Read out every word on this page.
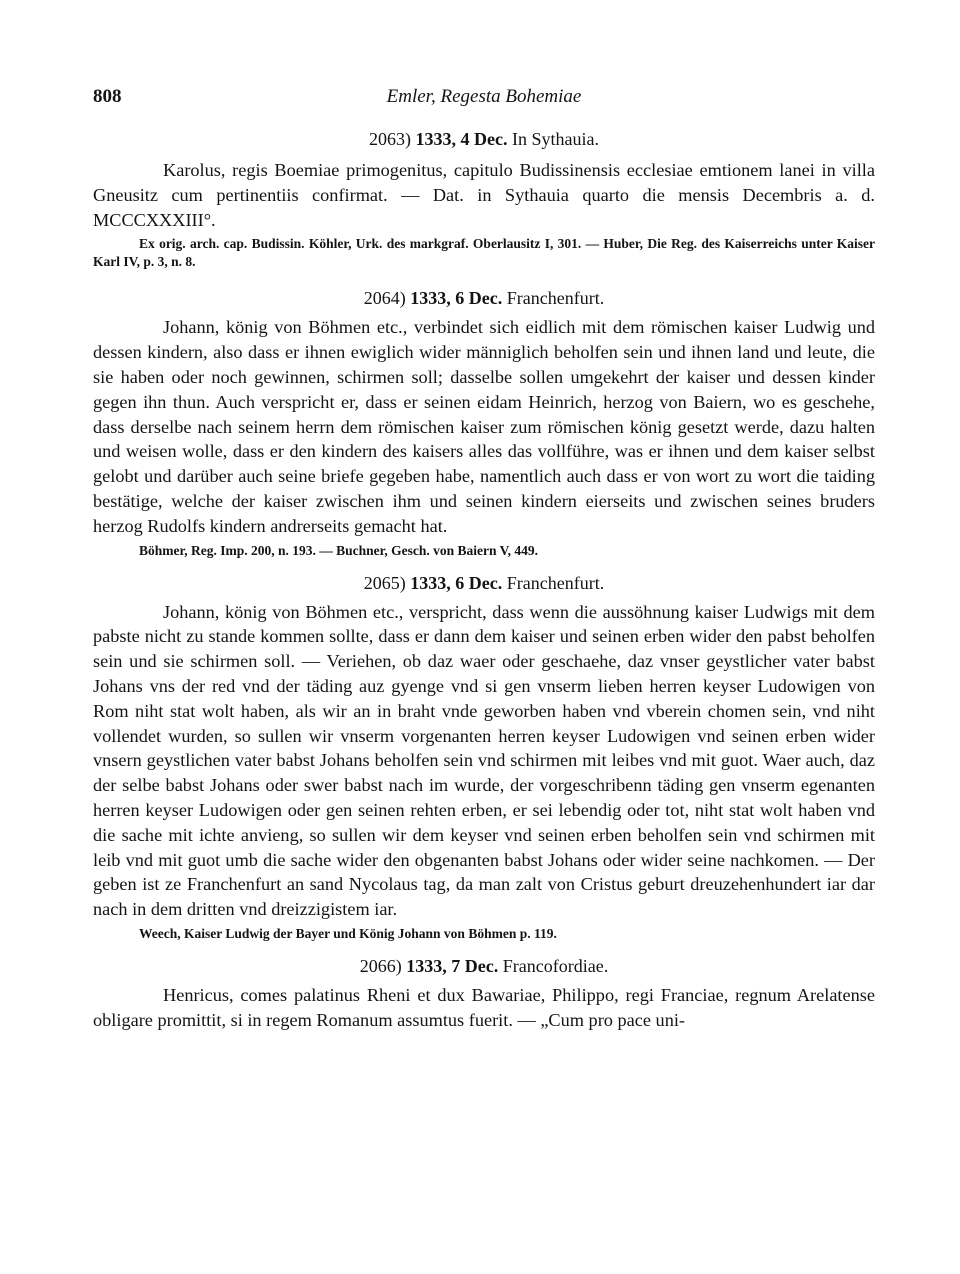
808	Emler, Regesta Bohemiae

2063) 1333, 4 Dec. In Sythauia.

Karolus, regis Boemiae primogenitus, capitulo Budissinensis ecclesiae emtionem lanei in villa Gneusitz cum pertinentiis confirmat. — Dat. in Sythauia quarto die mensis Decembris a. d. MCCCXXXIII°.

Ex orig. arch. cap. Budissin. Köhler, Urk. des markgraf. Oberlausitz I, 301. — Huber, Die Reg. des Kaiserreichs unter Kaiser Karl IV, p. 3, n. 8.

2064) 1333, 6 Dec. Franchenfurt.

Johann, könig von Böhmen etc., verbindet sich eidlich mit dem römischen kaiser Ludwig und dessen kindern, also dass er ihnen ewiglich wider männiglich beholfen sein und ihnen land und leute, die sie haben oder noch gewinnen, schirmen soll; dasselbe sollen umgekehrt der kaiser und dessen kinder gegen ihn thun. Auch verspricht er, dass er seinen eidam Heinrich, herzog von Baiern, wo es geschehe, dass derselbe nach seinem herrn dem römischen kaiser zum römischen könig gesetzt werde, dazu halten und weisen wolle, dass er den kindern des kaisers alles das vollführe, was er ihnen und dem kaiser selbst gelobt und darüber auch seine briefe gegeben habe, namentlich auch dass er von wort zu wort die taiding bestätige, welche der kaiser zwischen ihm und seinen kindern eierseits und zwischen seines bruders herzog Rudolfs kindern andrerseits gemacht hat.

Böhmer, Reg. Imp. 200, n. 193. — Buchner, Gesch. von Baiern V, 449.

2065) 1333, 6 Dec. Franchenfurt.

Johann, könig von Böhmen etc., verspricht, dass wenn die aussöhnung kaiser Ludwigs mit dem pabste nicht zu stande kommen sollte, dass er dann dem kaiser und seinen erben wider den pabst beholfen sein und sie schirmen soll. — Veriehen, ob daz waer oder geschaehe, daz vnser geystlicher vater babst Johans vns der red vnd der täding auz gyenge vnd si gen vnserm lieben herren keyser Ludowigen von Rom niht stat wolt haben, als wir an in braht vnde geworben haben vnd vberein chomen sein, vnd niht vollendet wurden, so sullen wir vnserm vorgenanten herren keyser Ludowigen vnd seinen erben wider vnsern geystlichen vater babst Johans beholfen sein vnd schirmen mit leibes vnd mit guot. Waer auch, daz der selbe babst Johans oder swer babst nach im wurde, der vorgeschribenn täding gen vnserm egenanten herren keyser Ludowigen oder gen seinen rehten erben, er sei lebendig oder tot, niht stat wolt haben vnd die sache mit ichte anvieng, so sullen wir dem keyser vnd seinen erben beholfen sein vnd schirmen mit leib vnd mit guot umb die sache wider den obgenanten babst Johans oder wider seine nachkomen. — Der geben ist ze Franchenfurt an sand Nycolaus tag, da man zalt von Cristus geburt dreuzehenhundert iar dar nach in dem dritten vnd dreizzigistem iar.

Weech, Kaiser Ludwig der Bayer und König Johann von Böhmen p. 119.

2066) 1333, 7 Dec. Francofordiae.

Henricus, comes palatinus Rheni et dux Bawariae, Philippo, regi Franciae, regnum Arelatense obligare promittit, si in regem Romanum assumtus fuerit. — „Cum pro pace uni-
